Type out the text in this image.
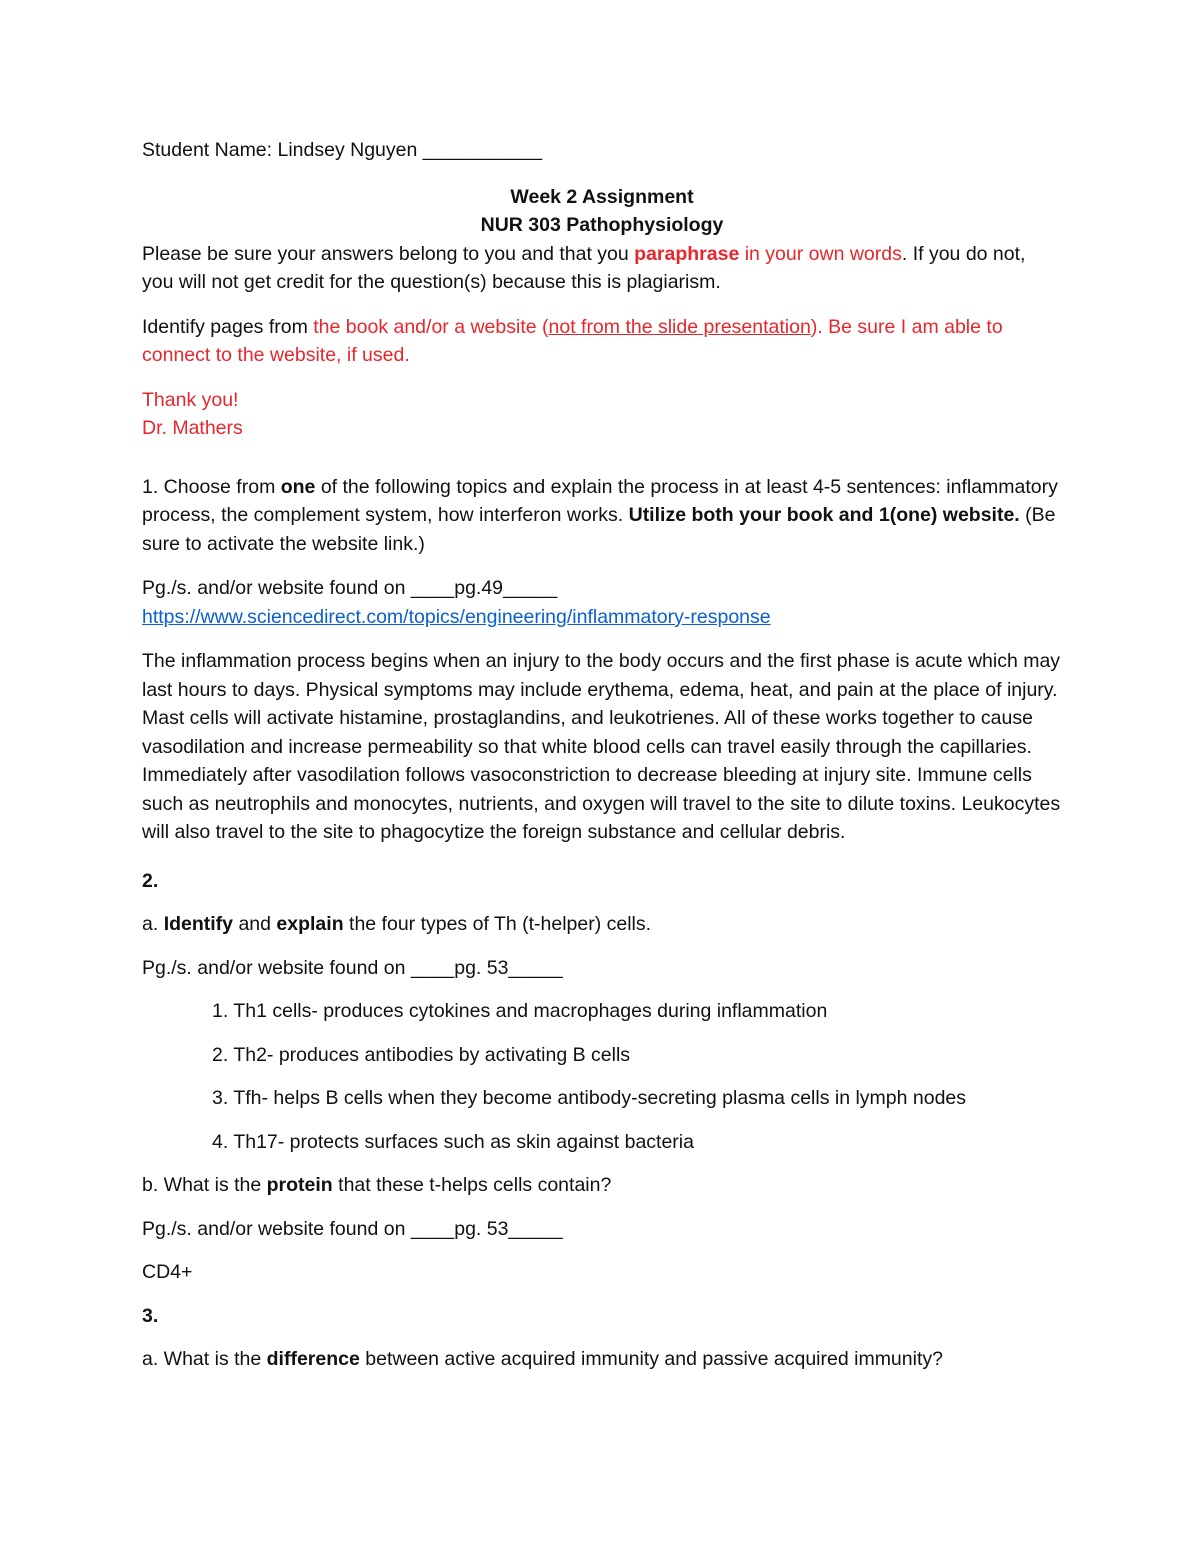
Student Name: Lindsey Nguyen ___________

Week 2 Assignment

NUR 303 Pathophysiology

Please be sure your answers belong to you and that you paraphrase in your own words. If you do not, you will not get credit for the question(s) because this is plagiarism.

Identify pages from the book and/or a website (not from the slide presentation). Be sure I am able to connect to the website, if used.

Thank you!

Dr. Mathers

1. Choose from one of the following topics and explain the process in at least 4-5 sentences: inflammatory process, the complement system, how interferon works. Utilize both your book and 1(one) website. (Be sure to activate the website link.)

Pg./s. and/or website found on ____pg.49_____

https://www.sciencedirect.com/topics/engineering/inflammatory-response

The inflammation process begins when an injury to the body occurs and the first phase is acute which may last hours to days. Physical symptoms may include erythema, edema, heat, and pain at the place of injury. Mast cells will activate histamine, prostaglandins, and leukotrienes. All of these works together to cause vasodilation and increase permeability so that white blood cells can travel easily through the capillaries. Immediately after vasodilation follows vasoconstriction to decrease bleeding at injury site. Immune cells such as neutrophils and monocytes, nutrients, and oxygen will travel to the site to dilute toxins. Leukocytes will also travel to the site to phagocytize the foreign substance and cellular debris.

2.

a. Identify and explain the four types of Th (t-helper) cells.

Pg./s. and/or website found on ____pg. 53_____

1. Th1 cells- produces cytokines and macrophages during inflammation

2. Th2- produces antibodies by activating B cells

3. Tfh- helps B cells when they become antibody-secreting plasma cells in lymph nodes

4. Th17- protects surfaces such as skin against bacteria

b. What is the protein that these t-helps cells contain?

Pg./s. and/or website found on ____pg. 53_____

CD4+

3.

a. What is the difference between active acquired immunity and passive acquired immunity?
